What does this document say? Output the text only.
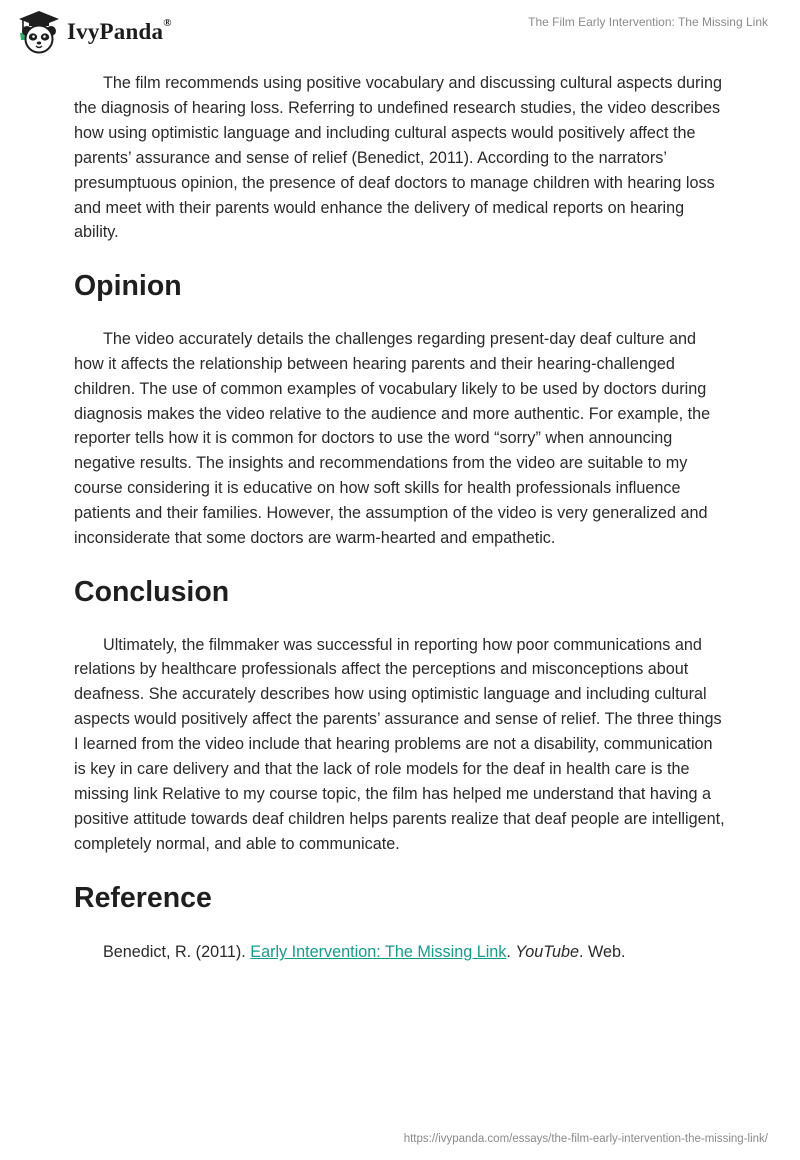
IvyPanda®	The Film Early Intervention: The Missing Link

The film recommends using positive vocabulary and discussing cultural aspects during the diagnosis of hearing loss. Referring to undefined research studies, the video describes how using optimistic language and including cultural aspects would positively affect the parents’ assurance and sense of relief (Benedict, 2011). According to the narrators’ presumptuous opinion, the presence of deaf doctors to manage children with hearing loss and meet with their parents would enhance the delivery of medical reports on hearing ability.

Opinion

The video accurately details the challenges regarding present-day deaf culture and how it affects the relationship between hearing parents and their hearing-challenged children. The use of common examples of vocabulary likely to be used by doctors during diagnosis makes the video relative to the audience and more authentic. For example, the reporter tells how it is common for doctors to use the word “sorry” when announcing negative results. The insights and recommendations from the video are suitable to my course considering it is educative on how soft skills for health professionals influence patients and their families. However, the assumption of the video is very generalized and inconsiderate that some doctors are warm-hearted and empathetic.

Conclusion

Ultimately, the filmmaker was successful in reporting how poor communications and relations by healthcare professionals affect the perceptions and misconceptions about deafness. She accurately describes how using optimistic language and including cultural aspects would positively affect the parents’ assurance and sense of relief. The three things I learned from the video include that hearing problems are not a disability, communication is key in care delivery and that the lack of role models for the deaf in health care is the missing link Relative to my course topic, the film has helped me understand that having a positive attitude towards deaf children helps parents realize that deaf people are intelligent, completely normal, and able to communicate.

Reference

Benedict, R. (2011). Early Intervention: The Missing Link. YouTube. Web.

https://ivypanda.com/essays/the-film-early-intervention-the-missing-link/
